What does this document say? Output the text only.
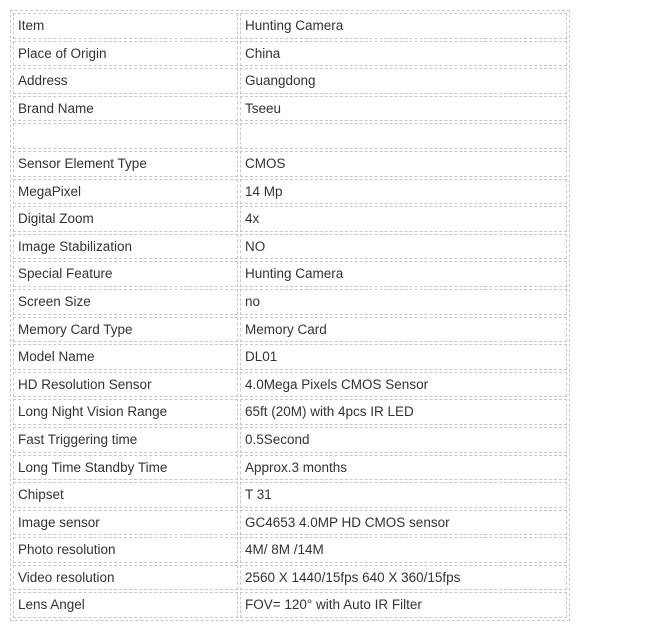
Item	Hunting Camera
Place of Origin	China
Address	Guangdong
Brand Name	Tseeu

Sensor Element Type	CMOS
MegaPixel	14 Mp
Digital Zoom	4x
Image Stabilization	NO
Special Feature	Hunting Camera
Screen Size	no
Memory Card Type	Memory Card
Model Name	DL01
HD Resolution Sensor	4.0Mega Pixels CMOS Sensor
Long Night Vision Range	65ft (20M) with 4pcs IR LED
Fast Triggering time	0.5Second
Long Time Standby Time	Approx.3 months
Chipset	T 31
Image sensor	GC4653 4.0MP HD CMOS sensor
Photo resolution	4M/ 8M /14M
Video resolution	2560 X 1440/15fps 640 X 360/15fps
Lens Angel	FOV= 120° with Auto IR Filter
